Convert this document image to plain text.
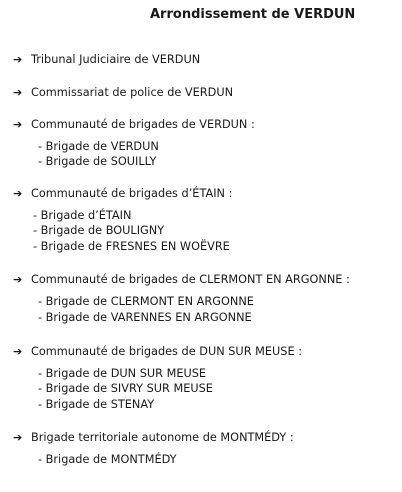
Arrondissement de VERDUN
➔ Tribunal Judiciaire de VERDUN
➔ Commissariat de police de VERDUN
➔ Communauté de brigades de VERDUN :
- Brigade de VERDUN
- Brigade de SOUILLY
➔ Communauté de brigades d’ÉTAIN :
- Brigade d’ÉTAIN
- Brigade de BOULIGNY
- Brigade de FRESNES EN WOËVRE
➔ Communauté de brigades de CLERMONT EN ARGONNE :
- Brigade de CLERMONT EN ARGONNE
- Brigade de VARENNES EN ARGONNE
➔ Communauté de brigades de DUN SUR MEUSE :
- Brigade de DUN SUR MEUSE
- Brigade de SIVRY SUR MEUSE
- Brigade de STENAY
➔ Brigade territoriale autonome de MONTMÉDY :
- Brigade de MONTMÉDY
